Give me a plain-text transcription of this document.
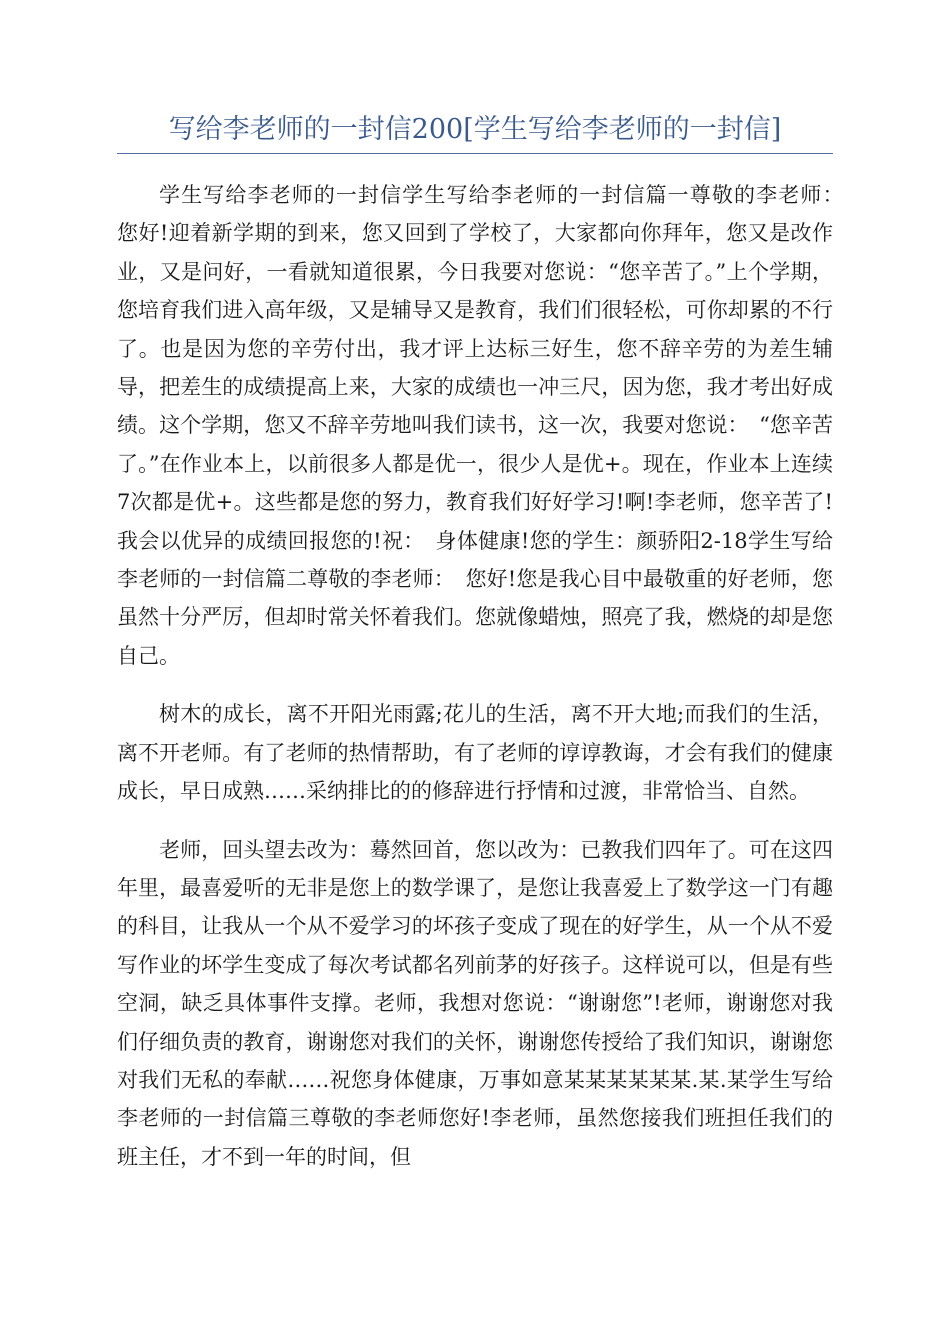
写给李老师的一封信200[学生写给李老师的一封信]

学生写给李老师的一封信学生写给李老师的一封信篇一尊敬的李老师：　您好!迎着新学期的到来，您又回到了学校了，大家都向你拜年，您又是改作业，又是问好，一看就知道很累，今日我要对您说：“您辛苦了。”上个学期，您培育我们进入高年级，又是辅导又是教育，我们们很轻松，可你却累的不行了。也是因为您的辛劳付出，我才评上达标三好生，您不辞辛劳的为差生辅导，把差生的成绩提高上来，大家的成绩也一冲三尺，因为您，我才考出好成绩。这个学期，您又不辞辛劳地叫我们读书，这一次，我要对您说：　“您辛苦了。”在作业本上，以前很多人都是优一，很少人是优+。现在，作业本上连续7次都是优+。这些都是您的努力，教育我们好好学习!啊!李老师，您辛苦了!我会以优异的成绩回报您的!祝：　身体健康!您的学生：颜骄阳2-18学生写给李老师的一封信篇二尊敬的李老师：　您好!您是我心目中最敬重的好老师，您虽然十分严厉，但却时常关怀着我们。您就像蜡烛，照亮了我，燃烧的却是您自己。

树木的成长，离不开阳光雨露;花儿的生活，离不开大地;而我们的生活，离不开老师。有了老师的热情帮助，有了老师的谆谆教诲，才会有我们的健康成长，早日成熟……采纳排比的的修辞进行抒情和过渡，非常恰当、自然。

老师，回头望去改为：蓦然回首，您以改为：已教我们四年了。可在这四年里，最喜爱听的无非是您上的数学课了，是您让我喜爱上了数学这一门有趣的科目，让我从一个从不爱学习的坏孩子变成了现在的好学生，从一个从不爱写作业的坏学生变成了每次考试都名列前茅的好孩子。这样说可以，但是有些空洞，缺乏具体事件支撑。老师，我想对您说：“谢谢您”!老师，谢谢您对我们仔细负责的教育，谢谢您对我们的关怀，谢谢您传授给了我们知识，谢谢您对我们无私的奉献……祝您身体健康，万事如意某某某某某某.某.某学生写给李老师的一封信篇三尊敬的李老师您好!李老师，虽然您接我们班担任我们的班主任，才不到一年的时间，但
